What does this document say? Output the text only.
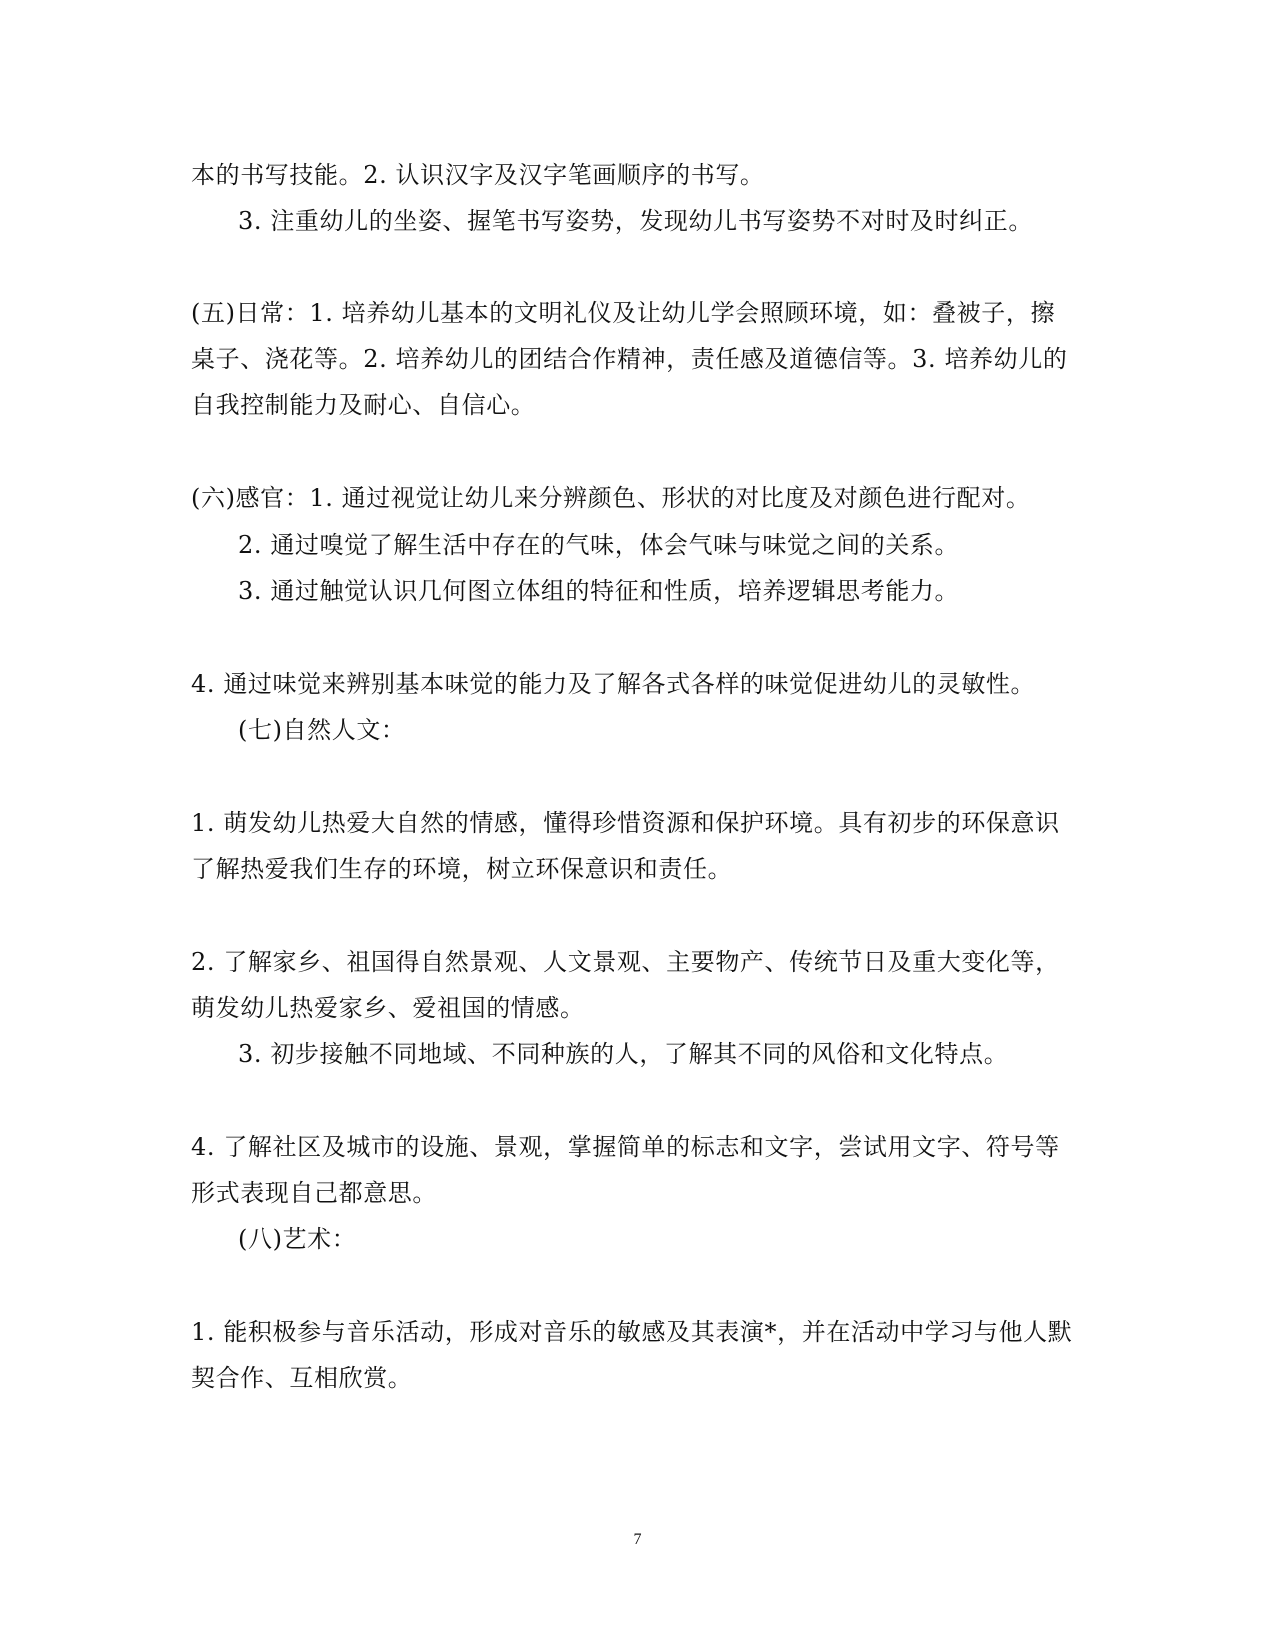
本的书写技能。2. 认识汉字及汉字笔画顺序的书写。
3. 注重幼儿的坐姿、握笔书写姿势，发现幼儿书写姿势不对时及时纠正。
(五)日常：1. 培养幼儿基本的文明礼仪及让幼儿学会照顾环境，如：叠被子，擦
桌子、浇花等。2. 培养幼儿的团结合作精神，责任感及道德信等。3. 培养幼儿的
自我控制能力及耐心、自信心。
(六)感官：1. 通过视觉让幼儿来分辨颜色、形状的对比度及对颜色进行配对。
2. 通过嗅觉了解生活中存在的气味，体会气味与味觉之间的关系。
3. 通过触觉认识几何图立体组的特征和性质，培养逻辑思考能力。
4. 通过味觉来辨别基本味觉的能力及了解各式各样的味觉促进幼儿的灵敏性。
(七)自然人文：
1. 萌发幼儿热爱大自然的情感，懂得珍惜资源和保护环境。具有初步的环保意识
了解热爱我们生存的环境，树立环保意识和责任。
2. 了解家乡、祖国得自然景观、人文景观、主要物产、传统节日及重大变化等，
萌发幼儿热爱家乡、爱祖国的情感。
3. 初步接触不同地域、不同种族的人，了解其不同的风俗和文化特点。
4. 了解社区及城市的设施、景观，掌握简单的标志和文字，尝试用文字、符号等
形式表现自己都意思。
(八)艺术：
1. 能积极参与音乐活动，形成对音乐的敏感及其表演*，并在活动中学习与他人默
契合作、互相欣赏。
7
